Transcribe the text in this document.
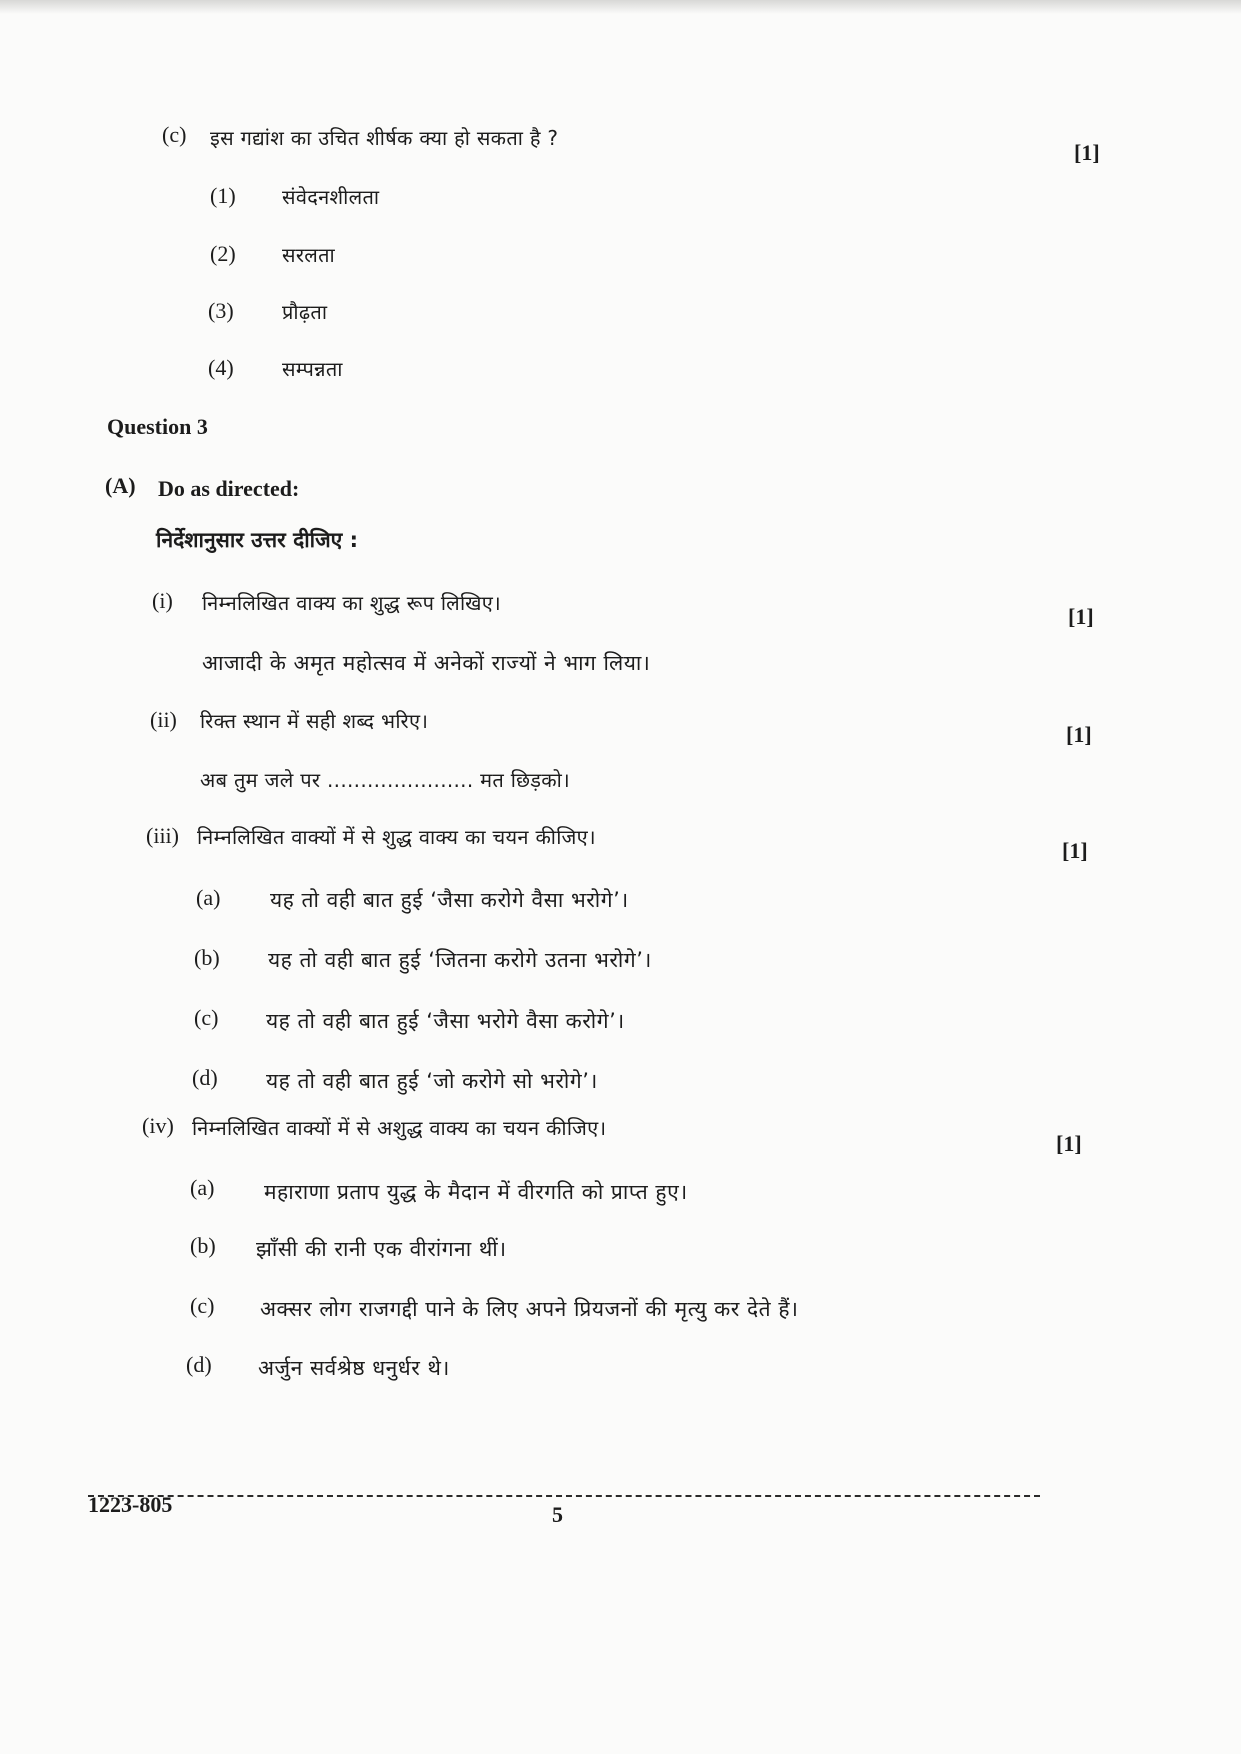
(c) इस गद्यांश का उचित शीर्षक क्या हो सकता है ?
[1]
(1) संवेदनशीलता
(2) सरलता
(3) प्रौढ़ता
(4) सम्पन्नता
Question 3
(A) Do as directed:
निर्देशानुसार उत्तर दीजिए :
(i) निम्नलिखित वाक्य का शुद्ध रूप लिखिए।
[1]
आजादी के अमृत महोत्सव में अनेकों राज्यों ने भाग लिया।
(ii) रिक्त स्थान में सही शब्द भरिए।
[1]
अब तुम जले पर ...................... मत छिड़को।
(iii) निम्नलिखित वाक्यों में से शुद्ध वाक्य का चयन कीजिए।
[1]
(a) यह तो वही बात हुई ‘जैसा करोगे वैसा भरोगे’।
(b) यह तो वही बात हुई ‘जितना करोगे उतना भरोगे’।
(c) यह तो वही बात हुई ‘जैसा भरोगे वैसा करोगे’।
(d) यह तो वही बात हुई ‘जो करोगे सो भरोगे’।
(iv) निम्नलिखित वाक्यों में से अशुद्ध वाक्य का चयन कीजिए।
[1]
(a) महाराणा प्रताप युद्ध के मैदान में वीरगति को प्राप्त हुए।
(b) झाँसी की रानी एक वीरांगना थीं।
(c) अक्सर लोग राजगद्दी पाने के लिए अपने प्रियजनों की मृत्यु कर देते हैं।
(d) अर्जुन सर्वश्रेष्ठ धनुर्धर थे।
1223-805	5
